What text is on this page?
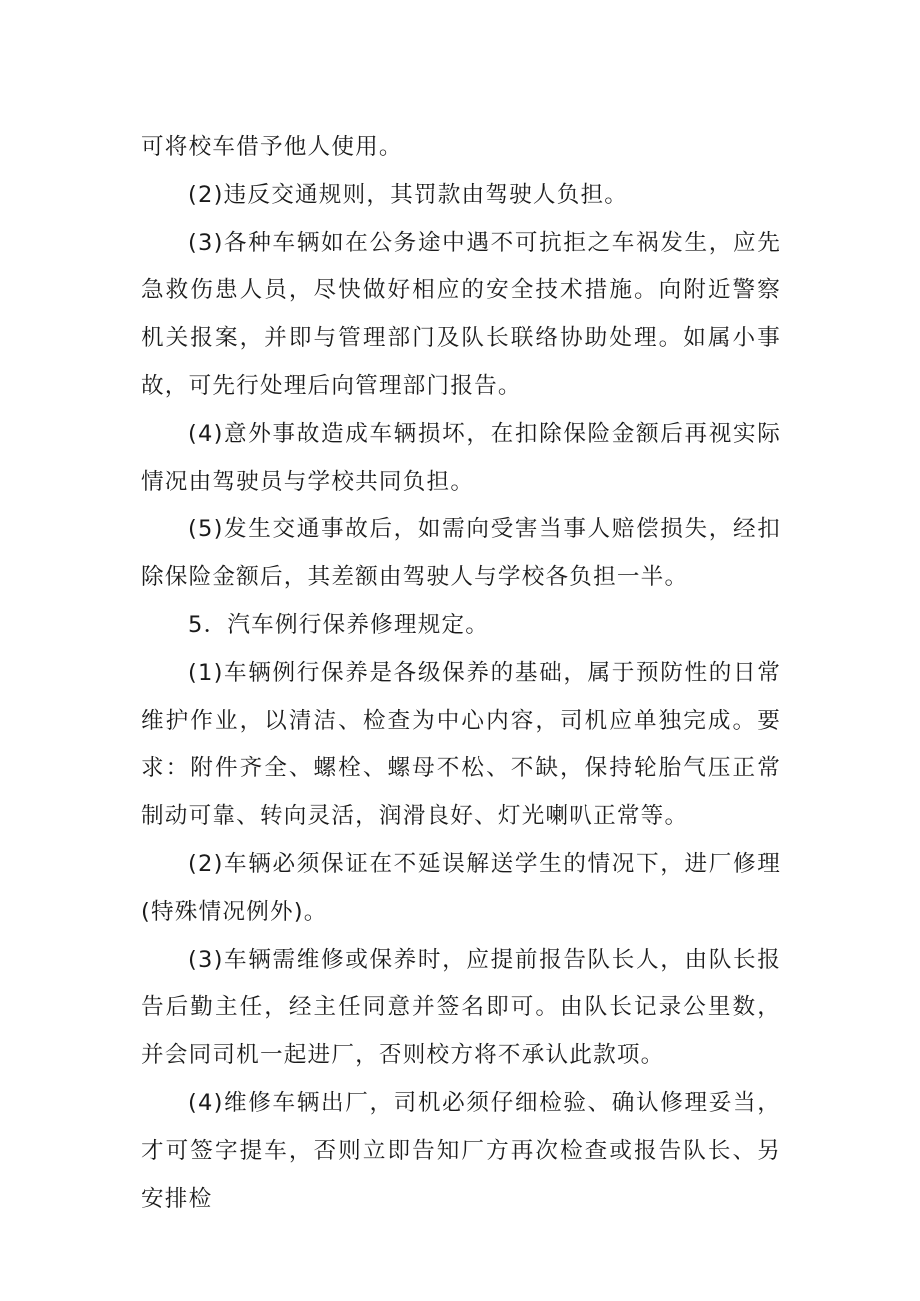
可将校车借予他人使用。

(2)违反交通规则，其罚款由驾驶人负担。

(3)各种车辆如在公务途中遇不可抗拒之车祸发生，应先急救伤患人员，尽快做好相应的安全技术措施。向附近警察机关报案，并即与管理部门及队长联络协助处理。如属小事故，可先行处理后向管理部门报告。

(4)意外事故造成车辆损坏，在扣除保险金额后再视实际情况由驾驶员与学校共同负担。

(5)发生交通事故后，如需向受害当事人赔偿损失，经扣除保险金额后，其差额由驾驶人与学校各负担一半。

5．汽车例行保养修理规定。

(1)车辆例行保养是各级保养的基础，属于预防性的日常维护作业，以清洁、检查为中心内容，司机应单独完成。要求：附件齐全、螺栓、螺母不松、不缺，保持轮胎气压正常制动可靠、转向灵活，润滑良好、灯光喇叭正常等。

(2)车辆必须保证在不延误解送学生的情况下，进厂修理(特殊情况例外)。

(3)车辆需维修或保养时，应提前报告队长人，由队长报告后勤主任，经主任同意并签名即可。由队长记录公里数，并会同司机一起进厂，否则校方将不承认此款项。

(4)维修车辆出厂，司机必须仔细检验、确认修理妥当，才可签字提车，否则立即告知厂方再次检查或报告队长、另安排检
